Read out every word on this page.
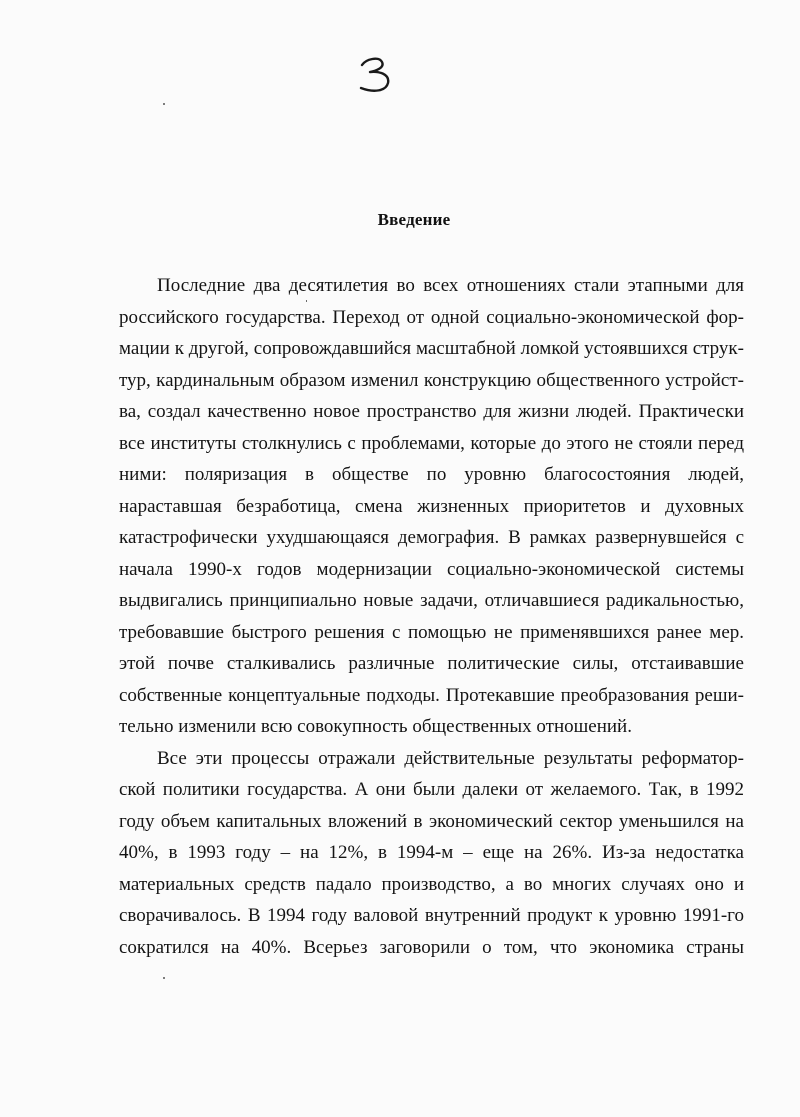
Введение

Последние два десятилетия во всех отношениях стали этапными для
российского государства. Переход от одной социально-экономической фор-
мации к другой, сопровождавшийся масштабной ломкой устоявшихся струк-
тур, кардинальным образом изменил конструкцию общественного устройст-
ва, создал качественно новое пространство для жизни людей. Практически
все институты столкнулись с проблемами, которые до этого не стояли перед
ними: поляризация в обществе по уровню благосостояния людей, нараставшая безработица, смена жизненных приоритетов и духовных
катастрофически ухудшающаяся демография. В рамках развернувшейся с
начала 1990-х годов модернизации социально-экономической системы
выдвигались принципиально новые задачи, отличавшиеся радикальностью,
требовавшие быстрого решения с помощью не применявшихся ранее мер.
этой почве сталкивались различные политические силы, отстаивавшие
собственные концептуальные подходы. Протекавшие преобразования реши-
тельно изменили всю совокупность общественных отношений.

Все эти процессы отражали действительные результаты реформатор-
ской политики государства. А они были далеки от желаемого. Так, в 1992
году объем капитальных вложений в экономический сектор уменьшился на
40%, в 1993 году – на 12%, в 1994-м – еще на 26%. Из-за недостатка
материальных средств падало производство, а во многих случаях оно и
сворачивалось. В 1994 году валовой внутренний продукт к уровню 1991-го
сократился на 40%. Всерьез заговорили о том, что экономика страны
